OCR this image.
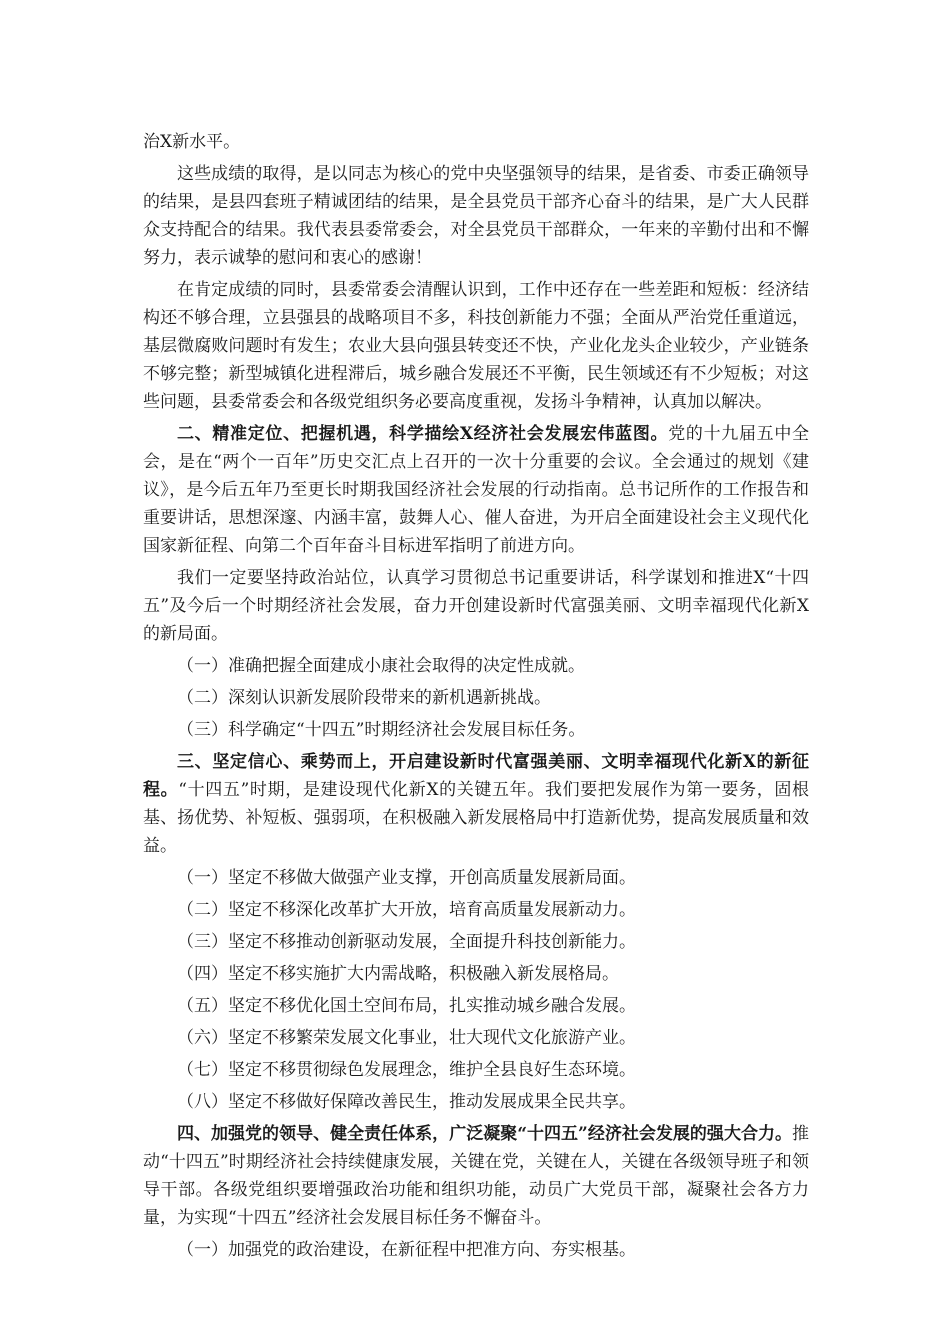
治X新水平。

这些成绩的取得，是以同志为核心的党中央坚强领导的结果，是省委、市委正确领导的结果，是县四套班子精诚团结的结果，是全县党员干部齐心奋斗的结果，是广大人民群众支持配合的结果。我代表县委常委会，对全县党员干部群众，一年来的辛勤付出和不懈努力，表示诚挚的慰问和衷心的感谢！

在肯定成绩的同时，县委常委会清醒认识到，工作中还存在一些差距和短板：经济结构还不够合理，立县强县的战略项目不多，科技创新能力不强；全面从严治党任重道远，基层微腐败问题时有发生；农业大县向强县转变还不快，产业化龙头企业较少，产业链条不够完整；新型城镇化进程滞后，城乡融合发展还不平衡，民生领域还有不少短板；对这些问题，县委常委会和各级党组织务必要高度重视，发扬斗争精神，认真加以解决。

二、精准定位、把握机遇，科学描绘X经济社会发展宏伟蓝图。党的十九届五中全会，是在“两个一百年”历史交汇点上召开的一次十分重要的会议。全会通过的规划《建议》，是今后五年乃至更长时期我国经济社会发展的行动指南。总书记所作的工作报告和重要讲话，思想深邃、内涵丰富，鼓舞人心、催人奋进，为开启全面建设社会主义现代化国家新征程、向第二个百年奋斗目标进军指明了前进方向。

我们一定要坚持政治站位，认真学习贯彻总书记重要讲话，科学谋划和推进X“十四五”及今后一个时期经济社会发展，奋力开创建设新时代富强美丽、文明幸福现代化新X的新局面。

（一）准确把握全面建成小康社会取得的决定性成就。

（二）深刻认识新发展阶段带来的新机遇新挑战。

（三）科学确定“十四五”时期经济社会发展目标任务。

三、坚定信心、乘势而上，开启建设新时代富强美丽、文明幸福现代化新X的新征程。“十四五”时期，是建设现代化新X的关键五年。我们要把发展作为第一要务，固根基、扬优势、补短板、强弱项，在积极融入新发展格局中打造新优势，提高发展质量和效益。

（一）坚定不移做大做强产业支撑，开创高质量发展新局面。

（二）坚定不移深化改革扩大开放，培育高质量发展新动力。

（三）坚定不移推动创新驱动发展，全面提升科技创新能力。

（四）坚定不移实施扩大内需战略，积极融入新发展格局。

（五）坚定不移优化国土空间布局，扎实推动城乡融合发展。

（六）坚定不移繁荣发展文化事业，壮大现代文化旅游产业。

（七）坚定不移贯彻绿色发展理念，维护全县良好生态环境。

（八）坚定不移做好保障改善民生，推动发展成果全民共享。

四、加强党的领导、健全责任体系，广泛凝聚“十四五”经济社会发展的强大合力。推动“十四五”时期经济社会持续健康发展，关键在党，关键在人，关键在各级领导班子和领导干部。各级党组织要增强政治功能和组织功能，动员广大党员干部，凝聚社会各方力量，为实现“十四五”经济社会发展目标任务不懈奋斗。

（一）加强党的政治建设，在新征程中把准方向、夯实根基。
